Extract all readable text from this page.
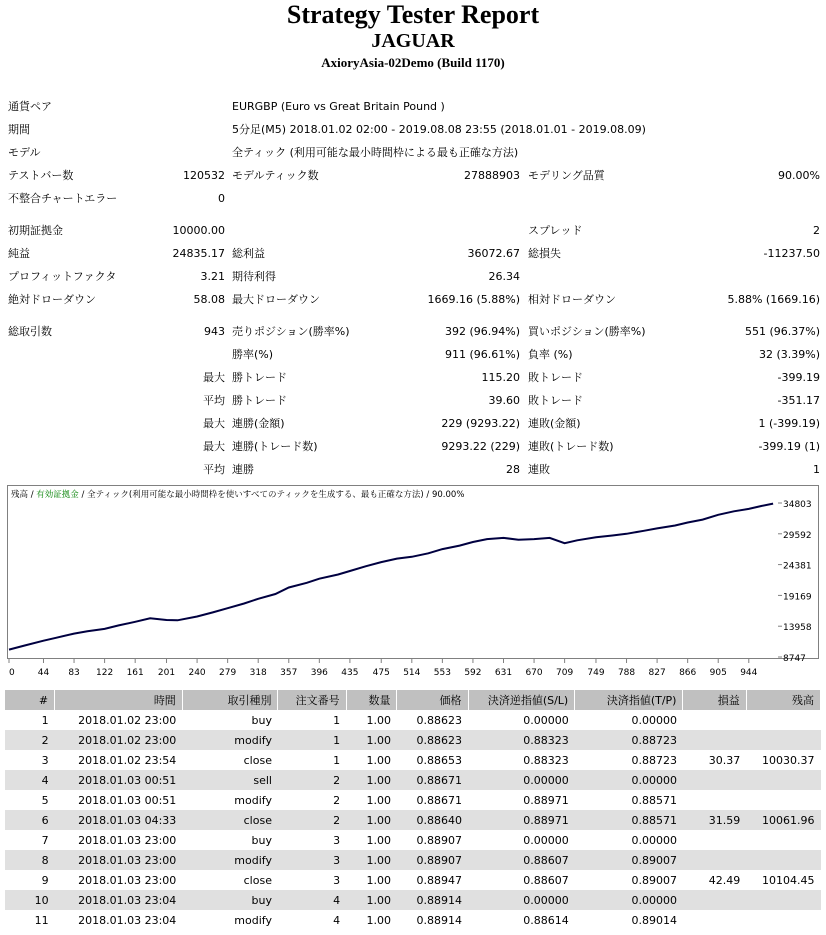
Strategy Tester Report
JAGUAR
AxioryAsia-02Demo (Build 1170)
通貨ペア	EURGBP (Euro vs Great Britain Pound )
期間	5分足(M5) 2018.01.02 02:00 - 2019.08.08 23:55 (2018.01.01 - 2019.08.09)
モデル	全ティック (利用可能な最小時間枠による最も正確な方法)
テストバー数	120532 モデルティック数	27888903 モデリング品質	90.00%
不整合チャートエラー	0
初期証拠金	10000.00	スプレッド	2
純益	24835.17 総利益	36072.67 総損失	-11237.50
プロフィットファクタ	3.21 期待利得	26.34
絶対ドローダウン	58.08 最大ドローダウン	1669.16 (5.88%) 相対ドローダウン	5.88% (1669.16)
総取引数	943 売りポジション(勝率%)	392 (96.94%) 買いポジション(勝率%)	551 (96.37%)
勝率(%)	911 (96.61%) 負率 (%)	32 (3.39%)
最大 勝トレード	115.20 敗トレード	-399.19
平均 勝トレード	39.60 敗トレード	-351.17
最大 連勝(金額)	229 (9293.22) 連敗(金額)	1 (-399.19)
最大 連勝(トレード数)	9293.22 (229) 連敗(トレード数)	-399.19 (1)
平均 連勝	28 連敗	1
残高 / 有効証拠金 / 全ティック(利用可能な最小時間枠を使いすべてのティックを生成する、最も正確な方法) / 90.00%
34803
29592
24381
19169
13958
8747
0	44 83 122 161 201 240 279 318 357 396 435 475 514 553 592 631 670 709 749 788 827 866 905 944
#	時間	取引種別	注文番号	数量	価格	決済逆指値(S/L)	決済指値(T/P)	損益	残高
1	2018.01.02 23:00	buy	1	1.00	0.88623	0.00000	0.00000		
2	2018.01.02 23:00	modify	1	1.00	0.88623	0.88323	0.88723		
3	2018.01.02 23:54	close	1	1.00	0.88653	0.88323	0.88723	30.37	10030.37
4	2018.01.03 00:51	sell	2	1.00	0.88671	0.00000	0.00000		
5	2018.01.03 00:51	modify	2	1.00	0.88671	0.88971	0.88571		
6	2018.01.03 04:33	close	2	1.00	0.88640	0.88971	0.88571	31.59	10061.96
7	2018.01.03 23:00	buy	3	1.00	0.88907	0.00000	0.00000		
8	2018.01.03 23:00	modify	3	1.00	0.88907	0.88607	0.89007		
9	2018.01.03 23:00	close	3	1.00	0.88947	0.88607	0.89007	42.49	10104.45
10	2018.01.03 23:04	buy	4	1.00	0.88914	0.00000	0.00000		
11	2018.01.03 23:04	modify	4	1.00	0.88914	0.88614	0.89014		
